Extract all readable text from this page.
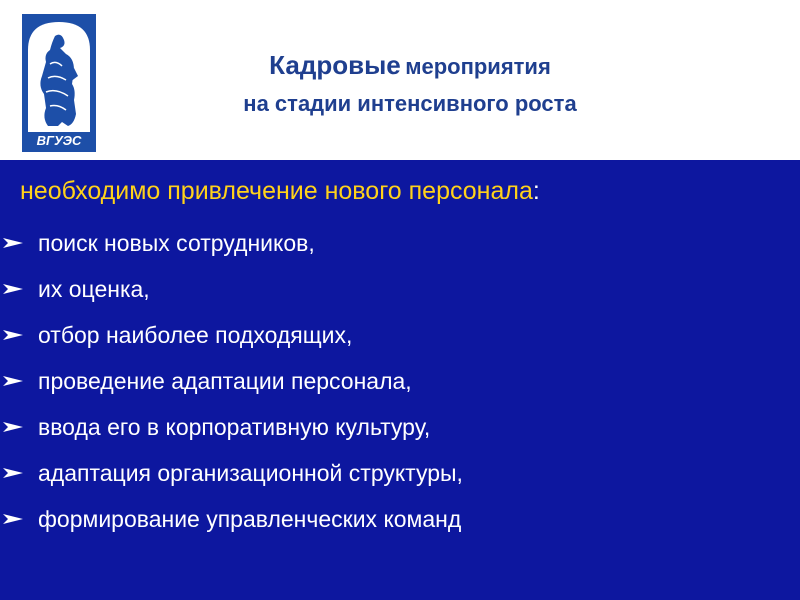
ВГУЭС
Кадровые мероприятия
на стадии интенсивного роста
необходимо привлечение нового персонала:
поиск новых сотрудников,
их оценка,
отбор наиболее подходящих,
проведение адаптации персонала,
ввода его в корпоративную культуру,
адаптация организационной структуры,
формирование управленческих команд
